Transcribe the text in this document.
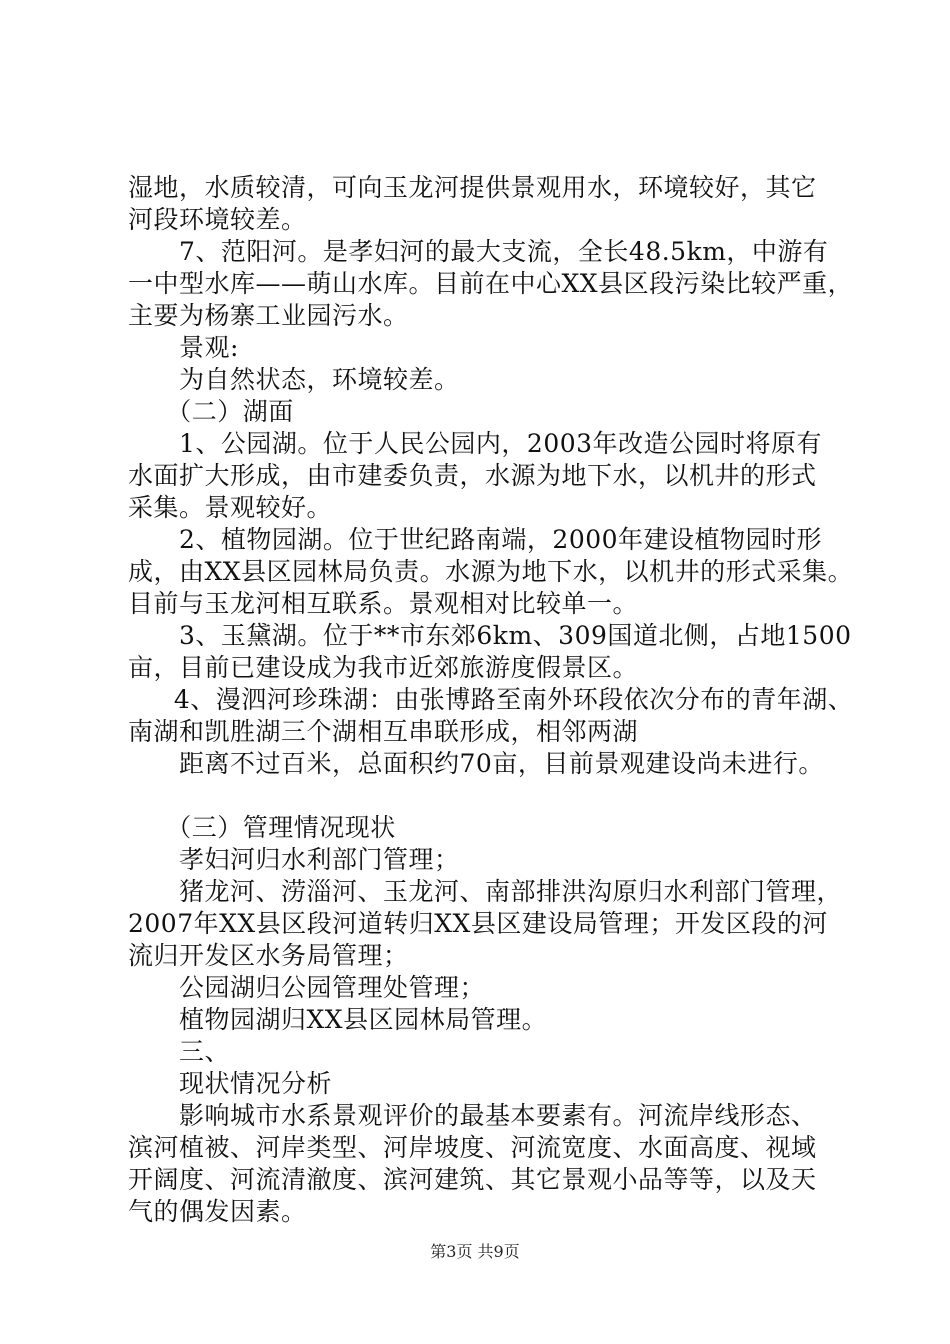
湿地，水质较清，可向玉龙河提供景观用水，环境较好，其它
河段环境较差。
7、范阳河。是孝妇河的最大支流，全长48.5km，中游有
一中型水库——萌山水库。目前在中心XX县区段污染比较严重，
主要为杨寨工业园污水。
景观:
为自然状态，环境较差。
（二）湖面
1、公园湖。位于人民公园内，2003年改造公园时将原有
水面扩大形成，由市建委负责，水源为地下水，以机井的形式
采集。景观较好。
2、植物园湖。位于世纪路南端，2000年建设植物园时形
成，由XX县区园林局负责。水源为地下水，以机井的形式采集。
目前与玉龙河相互联系。景观相对比较单一。
3、玉黛湖。位于**市东郊6km、309国道北侧，占地1500
亩，目前已建设成为我市近郊旅游度假景区。
4、漫泗河珍珠湖：由张博路至南外环段依次分布的青年湖、
南湖和凯胜湖三个湖相互串联形成，相邻两湖
距离不过百米，总面积约70亩，目前景观建设尚未进行。
（三）管理情况现状
孝妇河归水利部门管理；
猪龙河、涝淄河、玉龙河、南部排洪沟原归水利部门管理，
2007年XX县区段河道转归XX县区建设局管理；开发区段的河
流归开发区水务局管理；
公园湖归公园管理处管理；
植物园湖归XX县区园林局管理。
三、
现状情况分析
影响城市水系景观评价的最基本要素有。河流岸线形态、
滨河植被、河岸类型、河岸坡度、河流宽度、水面高度、视域
开阔度、河流清澈度、滨河建筑、其它景观小品等等，以及天
气的偶发因素。
第3页 共9页
